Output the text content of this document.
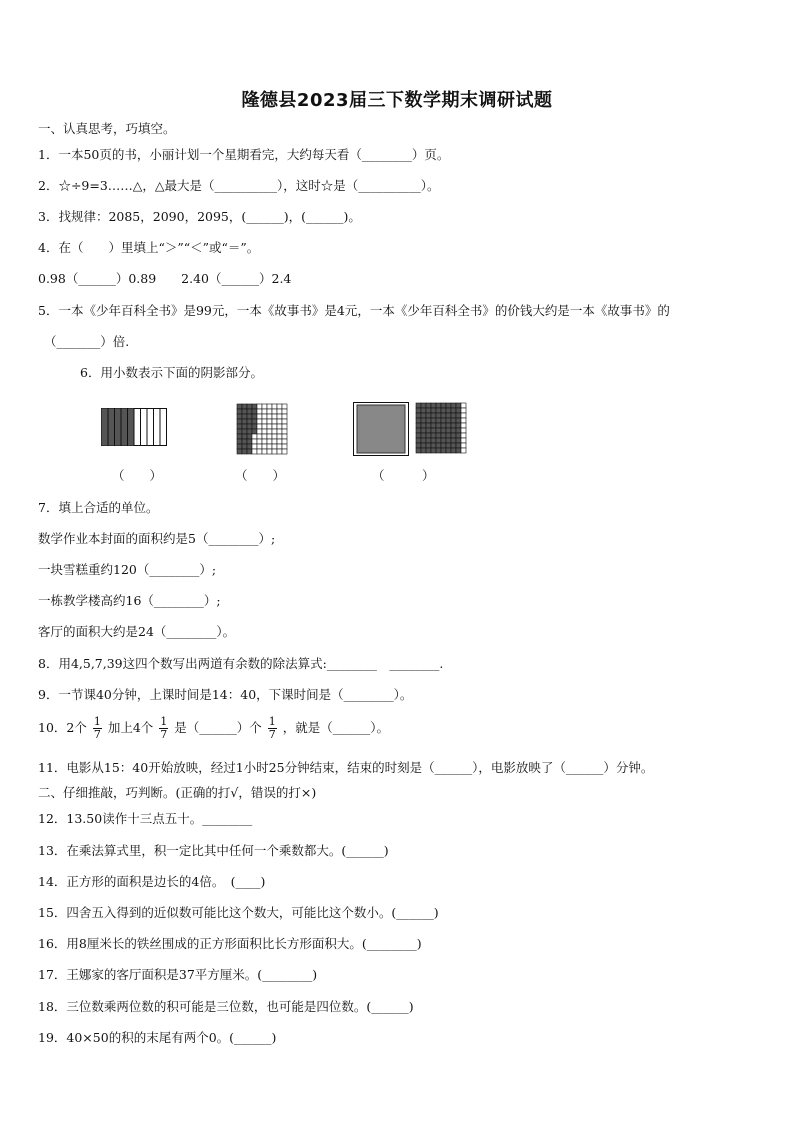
隆德县2023届三下数学期末调研试题
一、认真思考，巧填空。
1．一本50页的书，小丽计划一个星期看完，大约每天看（________）页。
2．☆÷9=3……△，△最大是（__________），这时☆是（__________）。
3．找规律：2085，2090，2095，(______)，(______)。
4．在（　　）里填上“＞”“＜”或“＝”。
0.98（______）0.89　　2.40（______）2.4
5．一本《少年百科全书》是99元，一本《故事书》是4元，一本《少年百科全书》的价钱大约是一本《故事书》的
（_______）倍.
6．用小数表示下面的阴影部分。
（　　）	（　　）	（　　　）
7．填上合适的单位。
数学作业本封面的面积约是5（________）;
一块雪糕重约120（________）;
一栋教学楼高约16（________）;
客厅的面积大约是24（________）。
8．用4,5,7,39这四个数写出两道有余数的除法算式:________　________.
9．一节课40分钟，上课时间是14：40，下课时间是（________）。
10．2个 $\frac{1}{7}$ 加上4个 $\frac{1}{7}$ 是（______）个 $\frac{1}{7}$ ，就是（______）。
11．电影从15：40开始放映，经过1小时25分钟结束，结束的时刻是（______），电影放映了（______）分钟。
二、仔细推敲，巧判断。(正确的打√，错误的打×)
12．13.50读作十三点五十。________
13．在乘法算式里，积一定比其中任何一个乘数都大。(______)
14．正方形的面积是边长的4倍。　(____)
15．四舍五入得到的近似数可能比这个数大，可能比这个数小。(______)
16．用8厘米长的铁丝围成的正方形面积比长方形面积大。(________)
17．王娜家的客厅面积是37平方厘米。(________)
18．三位数乘两位数的积可能是三位数，也可能是四位数。(______)
19．40×50的积的末尾有两个0。(______)
